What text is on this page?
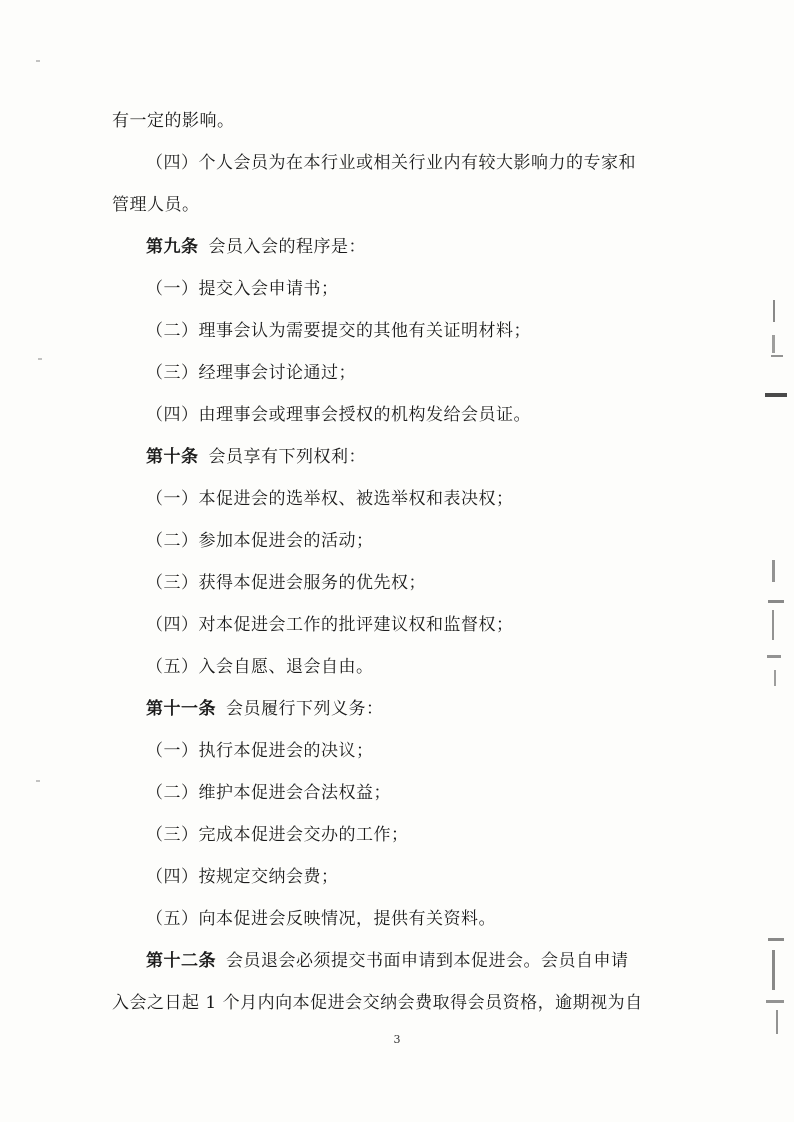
有一定的影响。
（四）个人会员为在本行业或相关行业内有较大影响力的专家和
管理人员。
第九条 会员入会的程序是：
（一）提交入会申请书；
（二）理事会认为需要提交的其他有关证明材料；
（三）经理事会讨论通过；
（四）由理事会或理事会授权的机构发给会员证。
第十条 会员享有下列权利：
（一）本促进会的选举权、被选举权和表决权；
（二）参加本促进会的活动；
（三）获得本促进会服务的优先权；
（四）对本促进会工作的批评建议权和监督权；
（五）入会自愿、退会自由。
第十一条 会员履行下列义务：
（一）执行本促进会的决议；
（二）维护本促进会合法权益；
（三）完成本促进会交办的工作；
（四）按规定交纳会费；
（五）向本促进会反映情况，提供有关资料。
第十二条 会员退会必须提交书面申请到本促进会。会员自申请
入会之日起 1 个月内向本促进会交纳会费取得会员资格，逾期视为自
3
